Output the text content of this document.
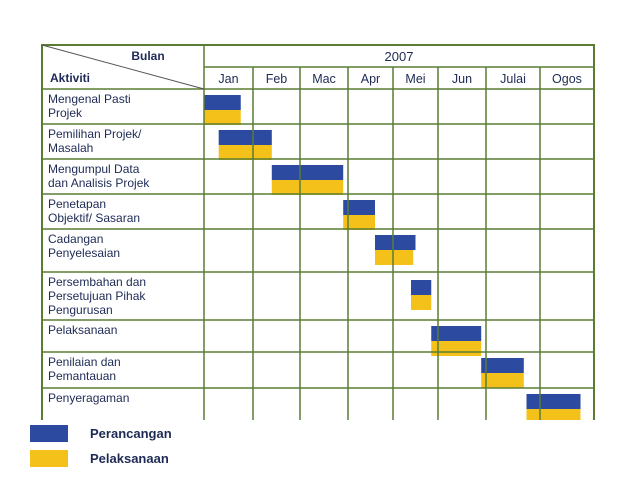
Bulan
Aktiviti
2007
Jan Feb Mac Apr Mei Jun Julai Ogos
Mengenal Pasti
Projek
Pemilihan Projek/
Masalah
Mengumpul Data
dan Analisis Projek
Penetapan
Objektif/ Sasaran
Cadangan
Penyelesaian
Persembahan dan
Persetujuan Pihak
Pengurusan
Pelaksanaan
Penilaian dan
Pemantauan
Penyeragaman
Perancangan
Pelaksanaan
